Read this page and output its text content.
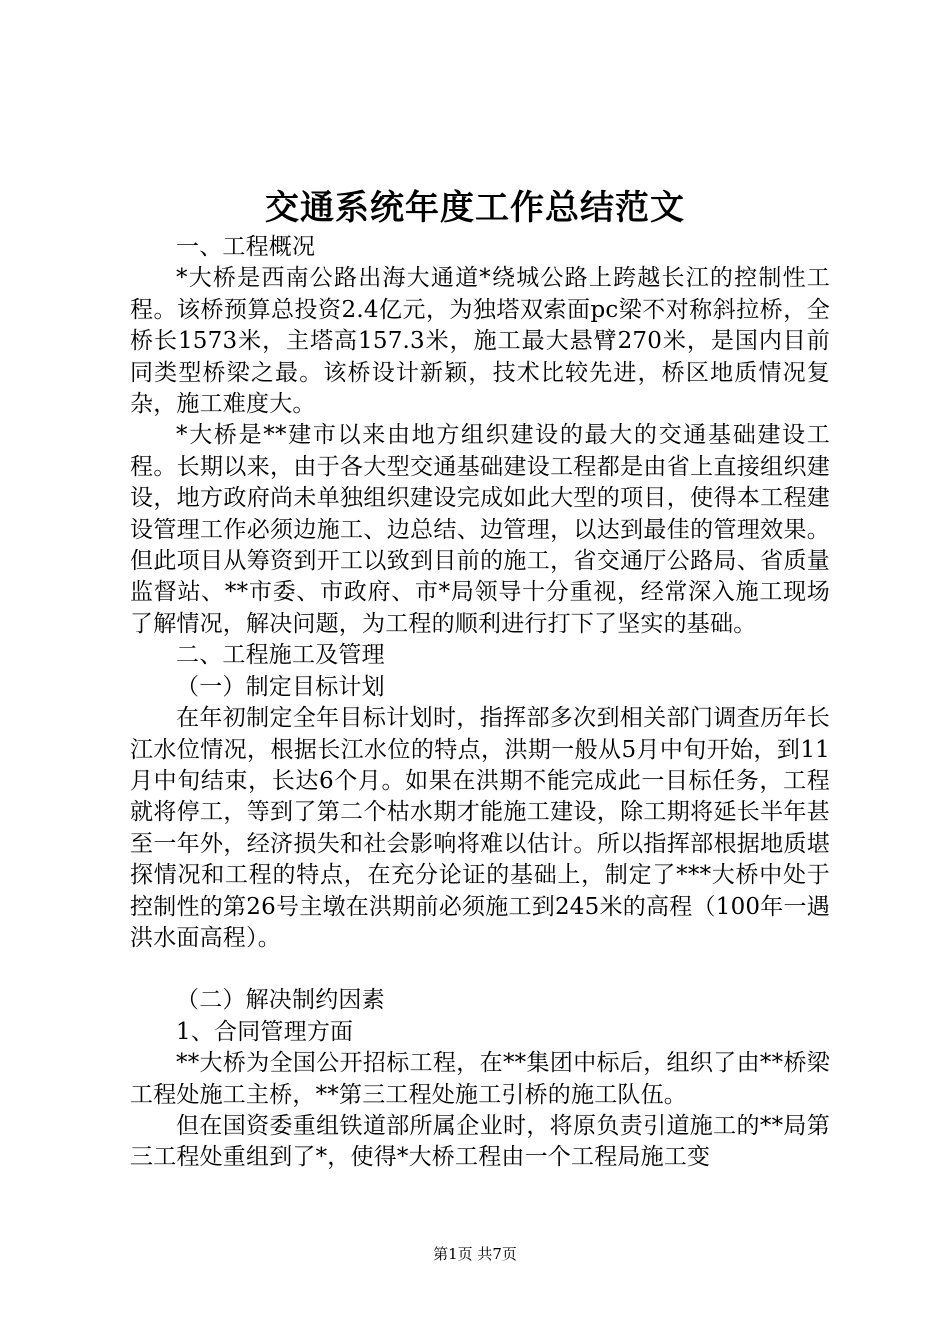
交通系统年度工作总结范文

一、工程概况

*大桥是西南公路出海大通道*绕城公路上跨越长江的控制性工程。该桥预算总投资2.4亿元，为独塔双索面pc梁不对称斜拉桥，全桥长1573米，主塔高157.3米，施工最大悬臂270米，是国内目前同类型桥梁之最。该桥设计新颖，技术比较先进，桥区地质情况复杂，施工难度大。

*大桥是**建市以来由地方组织建设的最大的交通基础建设工程。长期以来，由于各大型交通基础建设工程都是由省上直接组织建设，地方政府尚未单独组织建设完成如此大型的项目，使得本工程建设管理工作必须边施工、边总结、边管理，以达到最佳的管理效果。但此项目从筹资到开工以致到目前的施工，省交通厅公路局、省质量监督站、**市委、市政府、市*局领导十分重视，经常深入施工现场了解情况，解决问题，为工程的顺利进行打下了坚实的基础。

二、工程施工及管理

（一）制定目标计划

在年初制定全年目标计划时，指挥部多次到相关部门调查历年长江水位情况，根据长江水位的特点，洪期一般从5月中旬开始，到11月中旬结束，长达6个月。如果在洪期不能完成此一目标任务，工程就将停工，等到了第二个枯水期才能施工建设，除工期将延长半年甚至一年外，经济损失和社会影响将难以估计。所以指挥部根据地质堪探情况和工程的特点，在充分论证的基础上，制定了***大桥中处于控制性的第26号主墩在洪期前必须施工到245米的高程（100年一遇洪水面高程）。

（二）解决制约因素

1、合同管理方面

**大桥为全国公开招标工程，在**集团中标后，组织了由**桥梁工程处施工主桥，**第三工程处施工引桥的施工队伍。

但在国资委重组铁道部所属企业时，将原负责引道施工的**局第三工程处重组到了*，使得*大桥工程由一个工程局施工变

第1页 共7页
